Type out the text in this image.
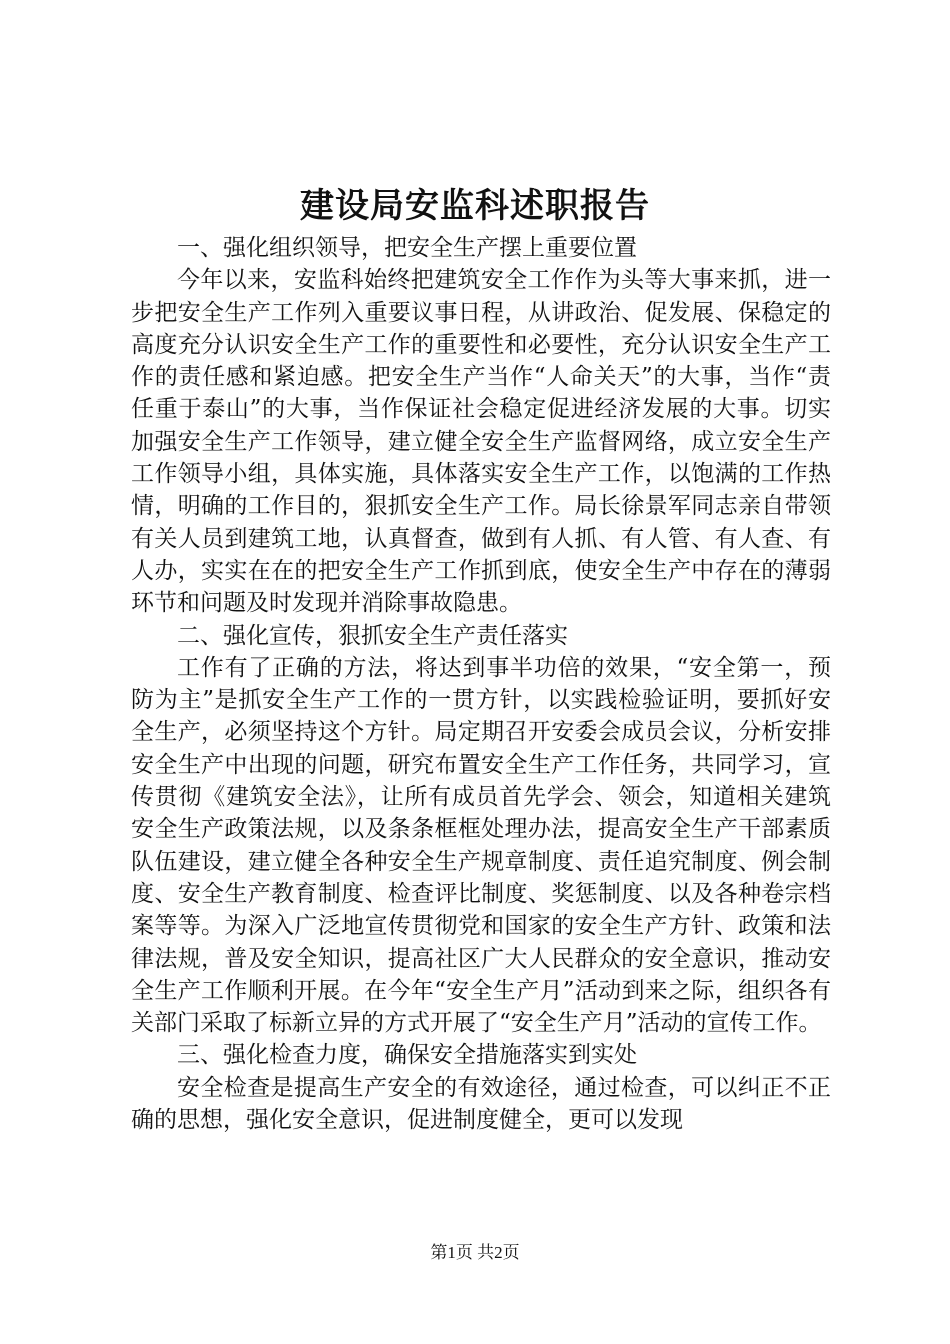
建设局安监科述职报告

一、强化组织领导，把安全生产摆上重要位置

今年以来，安监科始终把建筑安全工作作为头等大事来抓，进一步把安全生产工作列入重要议事日程，从讲政治、促发展、保稳定的高度充分认识安全生产工作的重要性和必要性，充分认识安全生产工作的责任感和紧迫感。把安全生产当作“人命关天”的大事，当作“责任重于泰山”的大事，当作保证社会稳定促进经济发展的大事。切实加强安全生产工作领导，建立健全安全生产监督网络，成立安全生产工作领导小组，具体实施，具体落实安全生产工作，以饱满的工作热情，明确的工作目的，狠抓安全生产工作。局长徐景军同志亲自带领有关人员到建筑工地，认真督查，做到有人抓、有人管、有人查、有人办，实实在在的把安全生产工作抓到底，使安全生产中存在的薄弱环节和问题及时发现并消除事故隐患。

二、强化宣传，狠抓安全生产责任落实

工作有了正确的方法，将达到事半功倍的效果，“安全第一，预防为主”是抓安全生产工作的一贯方针，以实践检验证明，要抓好安全生产，必须坚持这个方针。局定期召开安委会成员会议，分析安排安全生产中出现的问题，研究布置安全生产工作任务，共同学习，宣传贯彻《建筑安全法》，让所有成员首先学会、领会，知道相关建筑安全生产政策法规，以及条条框框处理办法，提高安全生产干部素质队伍建设，建立健全各种安全生产规章制度、责任追究制度、例会制度、安全生产教育制度、检查评比制度、奖惩制度、以及各种卷宗档案等等。为深入广泛地宣传贯彻党和国家的安全生产方针、政策和法律法规，普及安全知识，提高社区广大人民群众的安全意识，推动安全生产工作顺利开展。在今年“安全生产月”活动到来之际，组织各有关部门采取了标新立异的方式开展了“安全生产月”活动的宣传工作。

三、强化检查力度，确保安全措施落实到实处

安全检查是提高生产安全的有效途径，通过检查，可以纠正不正确的思想，强化安全意识，促进制度健全，更可以发现

第1页 共2页
